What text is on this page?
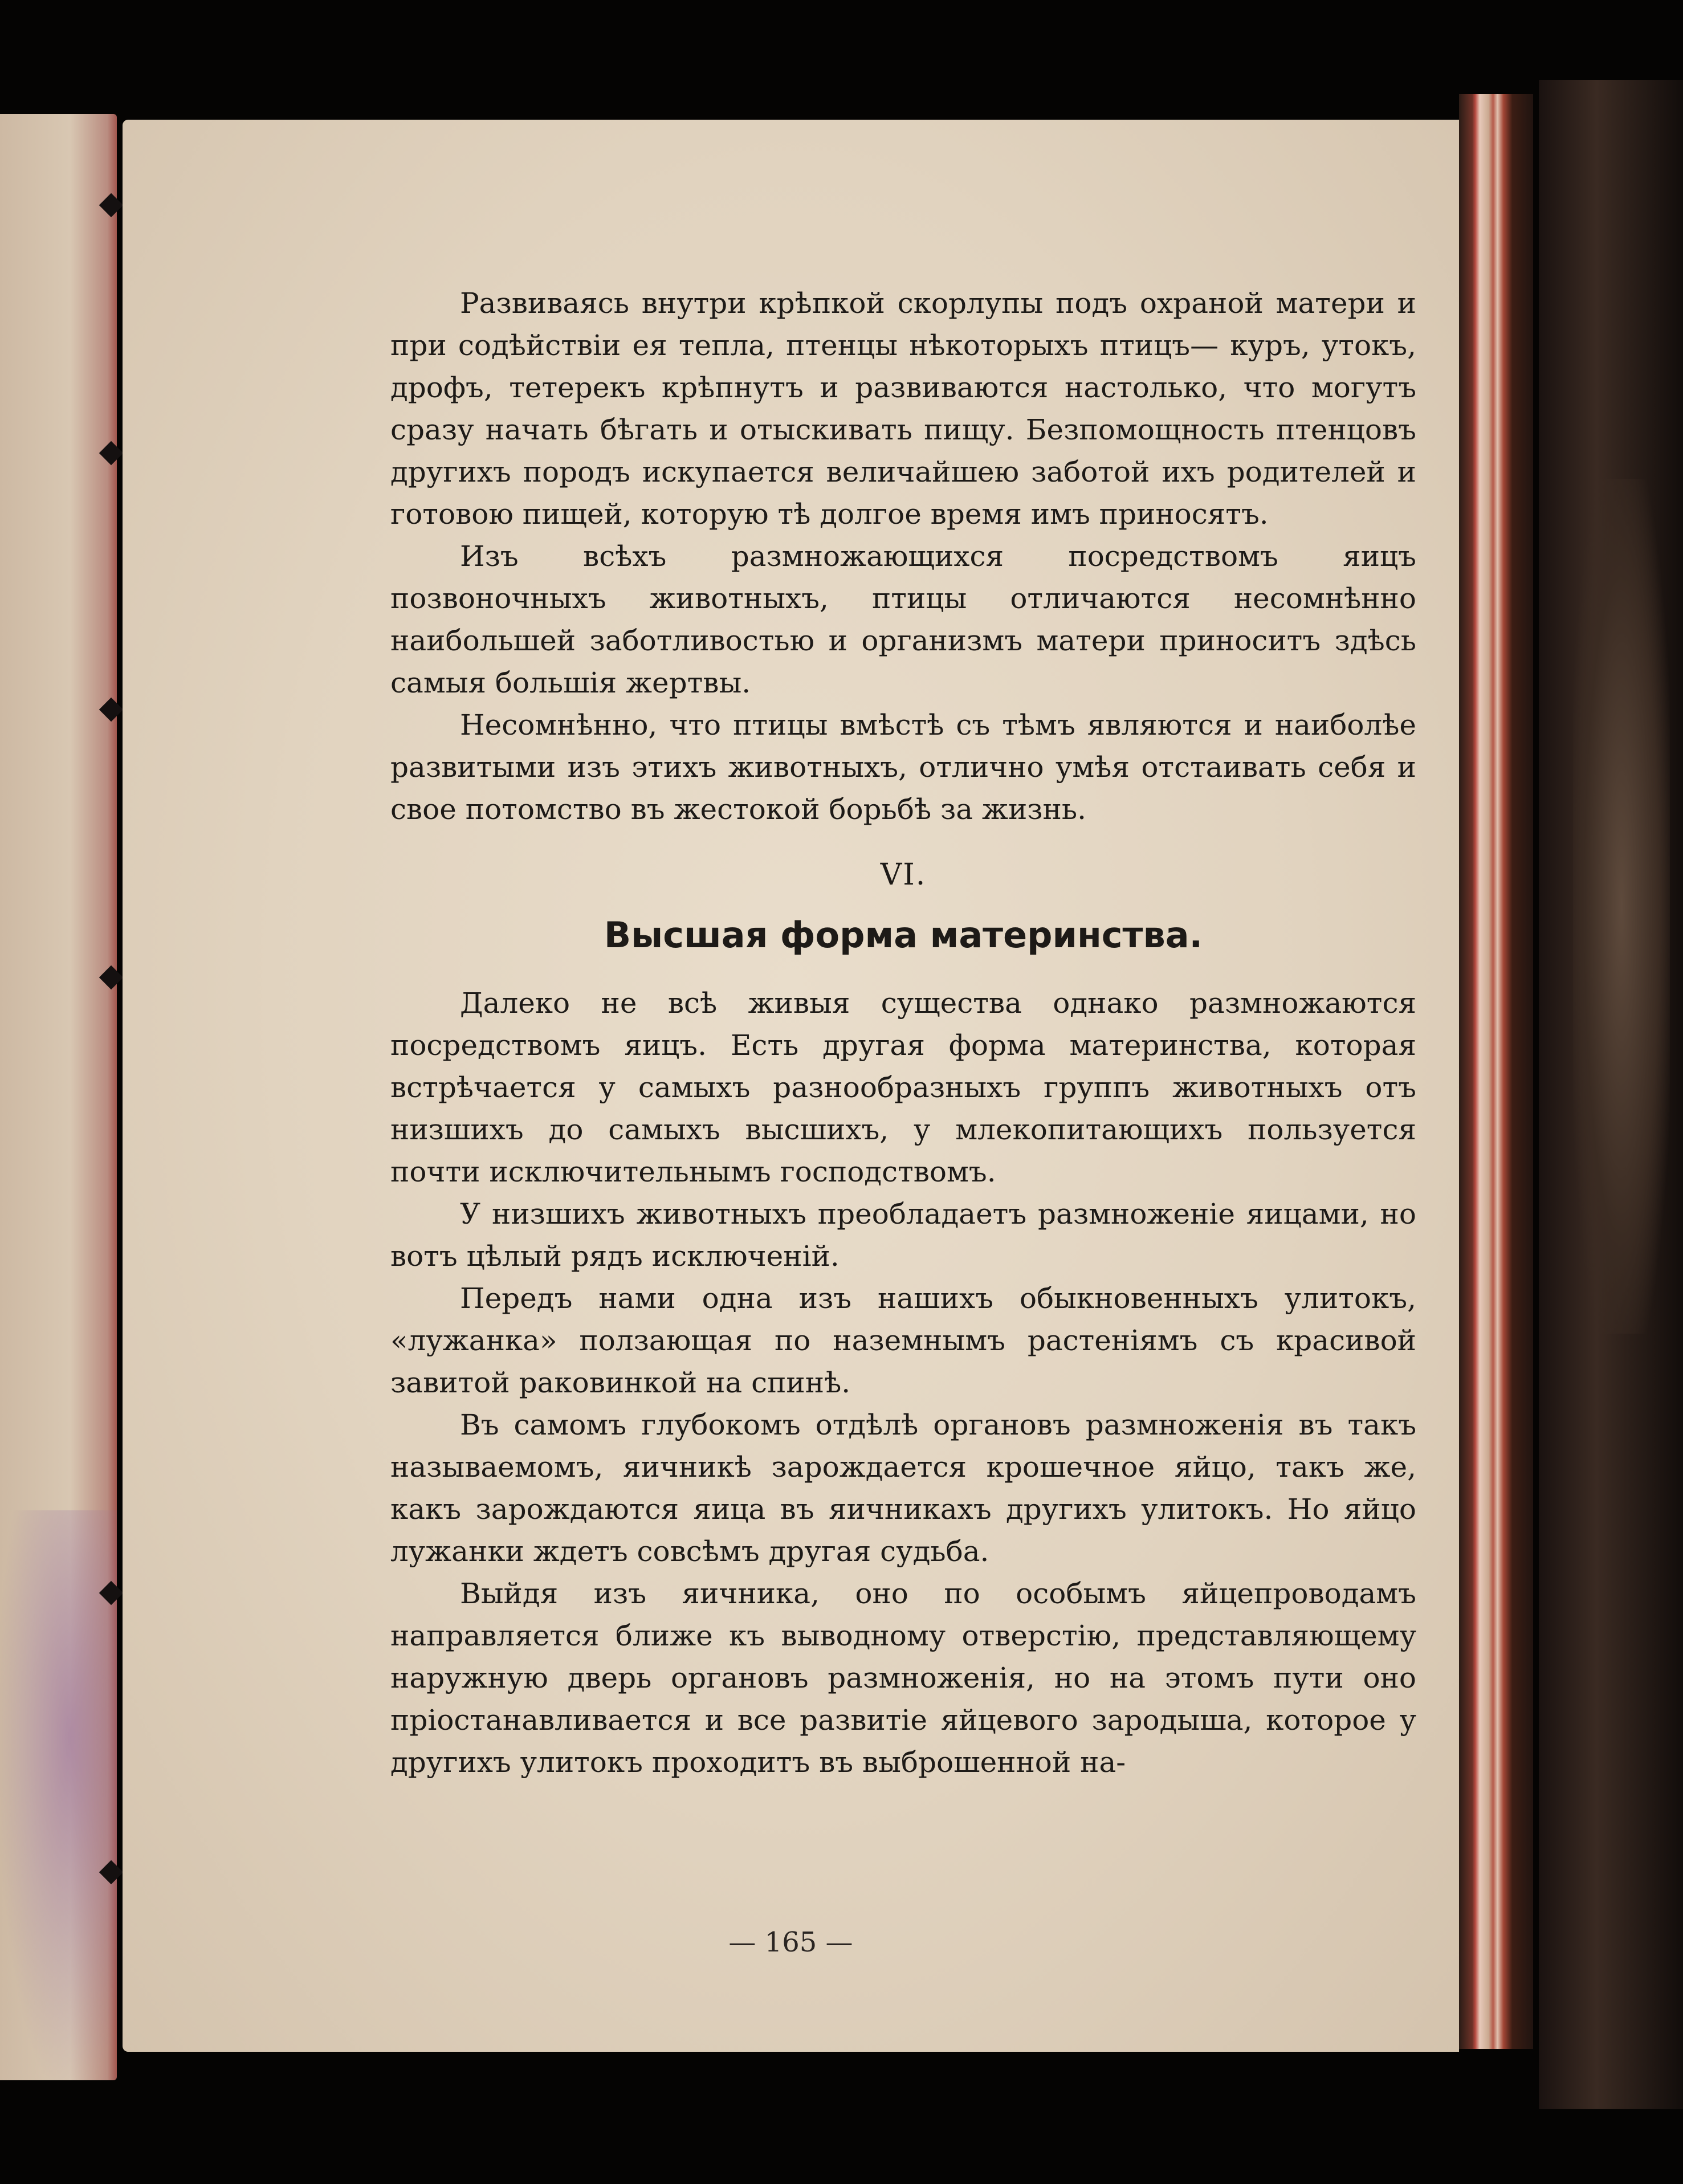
Развиваясь внутри крѣпкой скорлупы подъ охраной матери и при содѣйствiи ея тепла, птенцы нѣкоторыхъ птицъ— куръ, утокъ, дрофъ, тетерекъ крѣпнутъ и развиваются настолько, что могутъ сразу начать бѣгать и отыскивать пищу. Безпомощность птенцовъ другихъ породъ искупается величайшею заботой ихъ родителей и готовою пищей, которую тѣ долгое время имъ приносятъ.

Изъ всѣхъ размножающихся посредствомъ яицъ позвоночныхъ животныхъ, птицы отличаются несомнѣнно наибольшей заботливостью и организмъ матери приноситъ здѣсь самыя большiя жертвы.

Несомнѣнно, что птицы вмѣстѣ съ тѣмъ являются и наиболѣе развитыми изъ этихъ животныхъ, отлично умѣя отстаивать себя и свое потомство въ жестокой борьбѣ за жизнь.

VI.
Высшая форма материнства.

Далеко не всѣ живыя существа однако размножаются посредствомъ яицъ. Есть другая форма материнства, которая встрѣчается у самыхъ разнообразныхъ группъ животныхъ отъ низшихъ до самыхъ высшихъ, у млекопитающихъ пользуется почти исключительнымъ господствомъ.

У низшихъ животныхъ преобладаетъ размноженiе яицами, но вотъ цѣлый рядъ исключенiй.

Передъ нами одна изъ нашихъ обыкновенныхъ улитокъ, «лужанка» ползающая по наземнымъ растенiямъ съ красивой завитой раковинкой на спинѣ.

Въ самомъ глубокомъ отдѣлѣ органовъ размноженiя въ такъ называемомъ, яичникѣ зарождается крошечное яйцо, такъ же, какъ зарождаются яица въ яичникахъ другихъ улитокъ. Но яйцо лужанки ждетъ совсѣмъ другая судьба.

Выйдя изъ яичника, оно по особымъ яйцепроводамъ направляется ближе къ выводному отверстiю, представляющему наружную дверь органовъ размноженiя, но на этомъ пути оно прiостанавливается и все развитiе яйцевого зародыша, которое у другихъ улитокъ проходитъ въ выброшенной на-

— 165 —
